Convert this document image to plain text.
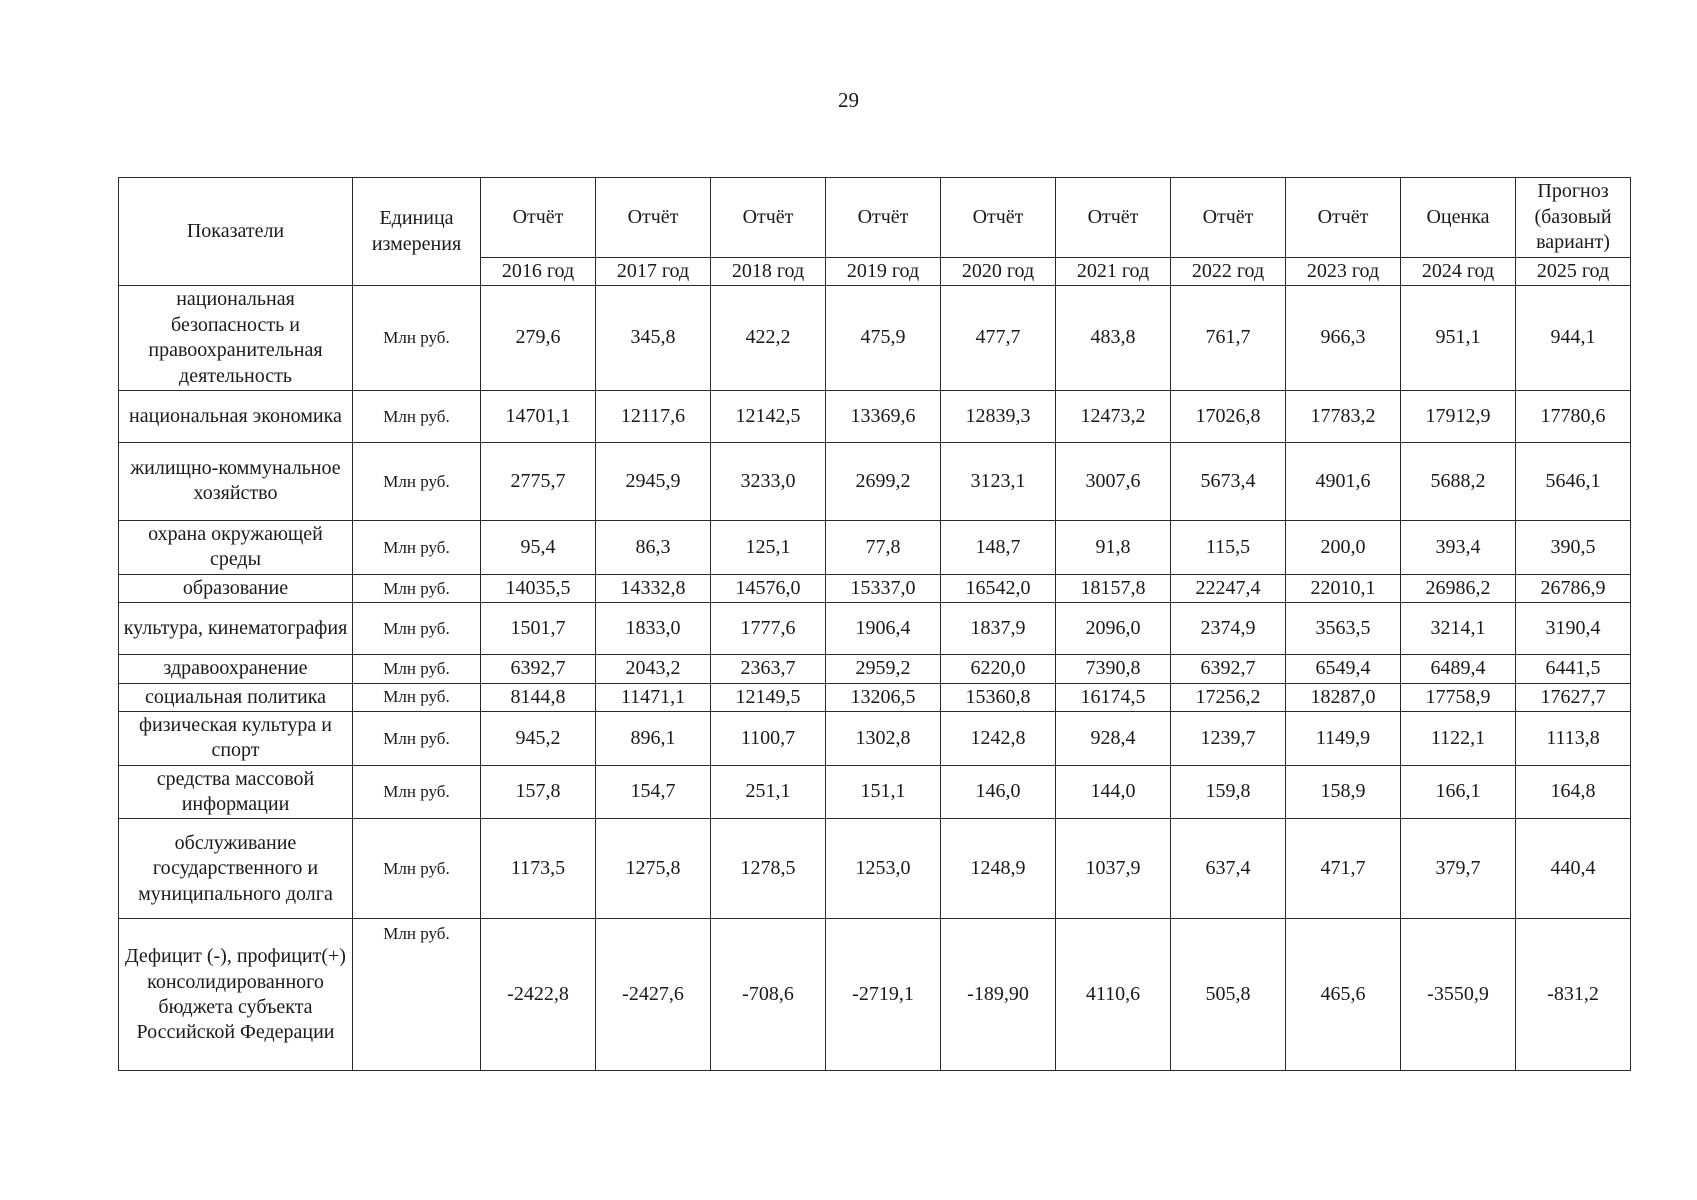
29
Показатели	Единица измерения	Отчёт	Отчёт	Отчёт	Отчёт	Отчёт	Отчёт	Отчёт	Отчёт	Оценка	Прогноз (базовый вариант)
		2016 год	2017 год	2018 год	2019 год	2020 год	2021 год	2022 год	2023 год	2024 год	2025 год
национальная безопасность и правоохранительная деятельность	Млн руб.	279,6	345,8	422,2	475,9	477,7	483,8	761,7	966,3	951,1	944,1
национальная экономика	Млн руб.	14701,1	12117,6	12142,5	13369,6	12839,3	12473,2	17026,8	17783,2	17912,9	17780,6
жилищно-коммунальное хозяйство	Млн руб.	2775,7	2945,9	3233,0	2699,2	3123,1	3007,6	5673,4	4901,6	5688,2	5646,1
охрана окружающей среды	Млн руб.	95,4	86,3	125,1	77,8	148,7	91,8	115,5	200,0	393,4	390,5
образование	Млн руб.	14035,5	14332,8	14576,0	15337,0	16542,0	18157,8	22247,4	22010,1	26986,2	26786,9
культура, кинематография	Млн руб.	1501,7	1833,0	1777,6	1906,4	1837,9	2096,0	2374,9	3563,5	3214,1	3190,4
здравоохранение	Млн руб.	6392,7	2043,2	2363,7	2959,2	6220,0	7390,8	6392,7	6549,4	6489,4	6441,5
социальная политика	Млн руб.	8144,8	11471,1	12149,5	13206,5	15360,8	16174,5	17256,2	18287,0	17758,9	17627,7
физическая культура и спорт	Млн руб.	945,2	896,1	1100,7	1302,8	1242,8	928,4	1239,7	1149,9	1122,1	1113,8
средства массовой информации	Млн руб.	157,8	154,7	251,1	151,1	146,0	144,0	159,8	158,9	166,1	164,8
обслуживание государственного и муниципального долга	Млн руб.	1173,5	1275,8	1278,5	1253,0	1248,9	1037,9	637,4	471,7	379,7	440,4
Дефицит (-), профицит(+) консолидированного бюджета субъекта Российской Федерации	Млн руб.	-2422,8	-2427,6	-708,6	-2719,1	-189,90	4110,6	505,8	465,6	-3550,9	-831,2
